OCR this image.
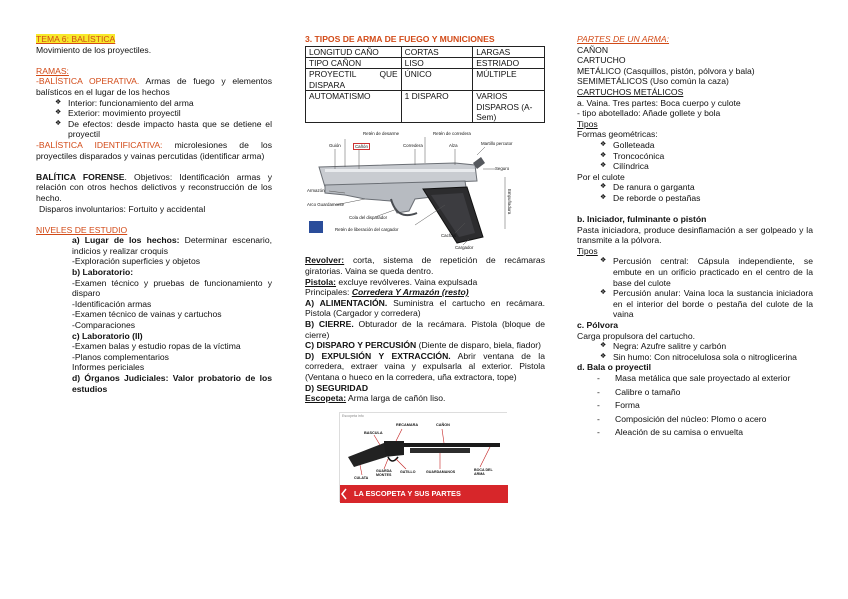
TEMA 6: BALÍSTICA

Movimiento de los proyectiles.

RAMAS:

-BALÍSTICA OPERATIVA. Armas de fuego y elementos balísticos en el lugar de los hechos

❖ Interior: funcionamiento del arma

❖ Exterior: movimiento proyectil

❖ De efectos: desde impacto hasta que se detiene el proyectil

-BALÍSTICA IDENTIFICATIVA: microlesiones de los proyectiles disparados y vainas percutidas (identificar arma)

BALÍTICA FORENSE. Objetivos: Identificación armas y relación con otros hechos delictivos y reconstrucción de los hecho.

Disparos involuntarios: Fortuito y accidental

NIVELES DE ESTUDIO

a) Lugar de los hechos: Determinar escenario, indicios y realizar croquis

-Exploración superficies y objetos

b) Laboratorio:

-Examen técnico y pruebas de funcionamiento y disparo

-Identificación armas

-Examen técnico de vainas y cartuchos

-Comparaciones

c) Laboratorio (II)

-Examen balas y estudio ropas de la víctima

-Planos complementarios

Informes periciales

d) Órganos Judiciales: Valor probatorio de los estudios

3. TIPOS DE ARMA DE FUEGO Y MUNICIONES

LONGITUD CAÑO	CORTAS	LARGAS
TIPO CAÑON	LISO	ESTRIADO
PROYECTIL QUE DISPARA	ÚNICO	MÚLTIPLE
AUTOMATISMO	1 DISPARO	VARIOS DISPAROS (A-Sem)
Retén de desarme	Retén de corredera
Guión	Cañón	Corredera	Alza	Martillo percutor
Seguro
Armazón
Arco Guardamonte
Cola del disparador
Empuñadura
Retén de liberación del cargador
Cachas
Cargador

Revolver: corta, sistema de repetición de recámaras giratorias. Vaina se queda dentro.

Pistola: excluye revólveres. Vaina expulsada

Principales: Corredera Y Armazón (resto)

A) ALIMENTACIÓN. Suministra el cartucho en recámara. Pistola (Cargador y corredera)

B) CIERRE. Obturador de la recámara. Pistola (bloque de cierre)

C) DISPARO Y PERCUSIÓN (Diente de disparo, biela, fiador)

D) EXPULSIÓN Y EXTRACCIÓN. Abrir ventana de la corredera, extraer vaina y expulsarla al exterior. Pistola (Ventana o hueco en la corredera, uña extractora, tope)

D) SEGURIDAD

Escopeta: Arma larga de cañón liso.

Escopeta info
RECAMARA	CAÑON
BASCULA
GUARDA
MONTES
GATILLO	GUARDAMANOS	BOCA DEL ARMA
CULATA
LA ESCOPETA Y SUS PARTES

PARTES DE UN ARMA:

CAÑON

CARTUCHO

METÁLICO (Casquillos, pistón, pólvora y bala)

SEMIMETÁLICOS (Uso común la caza)

CARTUCHOS METÁLICOS

a. Vaina. Tres partes: Boca cuerpo y culote

- tipo abotellado: Añade gollete y bola

Tipos

Formas geométricas:

❖ Golleteada

❖ Troncocónica

❖ Cilíndrica

Por el culote

❖ De ranura o garganta

❖ De reborde o pestañas

b. Iniciador, fulminante o pistón

Pasta iniciadora, produce desinflamación a ser golpeado y la transmite a la pólvora.

Tipos

❖ Percusión central: Cápsula independiente, se embute en un orificio practicado en el centro de la base del culote

❖ Percusión anular: Vaina loca la sustancia iniciadora en el interior del borde o pestaña del culote de la vaina

c. Pólvora

Carga propulsora del cartucho.

❖ Negra: Azufre salitre y carbón

❖ Sin humo: Con nitrocelulosa sola o nitroglicerina

d. Bala o proyectil

- Masa metálica que sale proyectado al exterior

- Calibre o tamaño

- Forma

- Composición del núcleo: Plomo o acero

- Aleación de su camisa o envuelta
